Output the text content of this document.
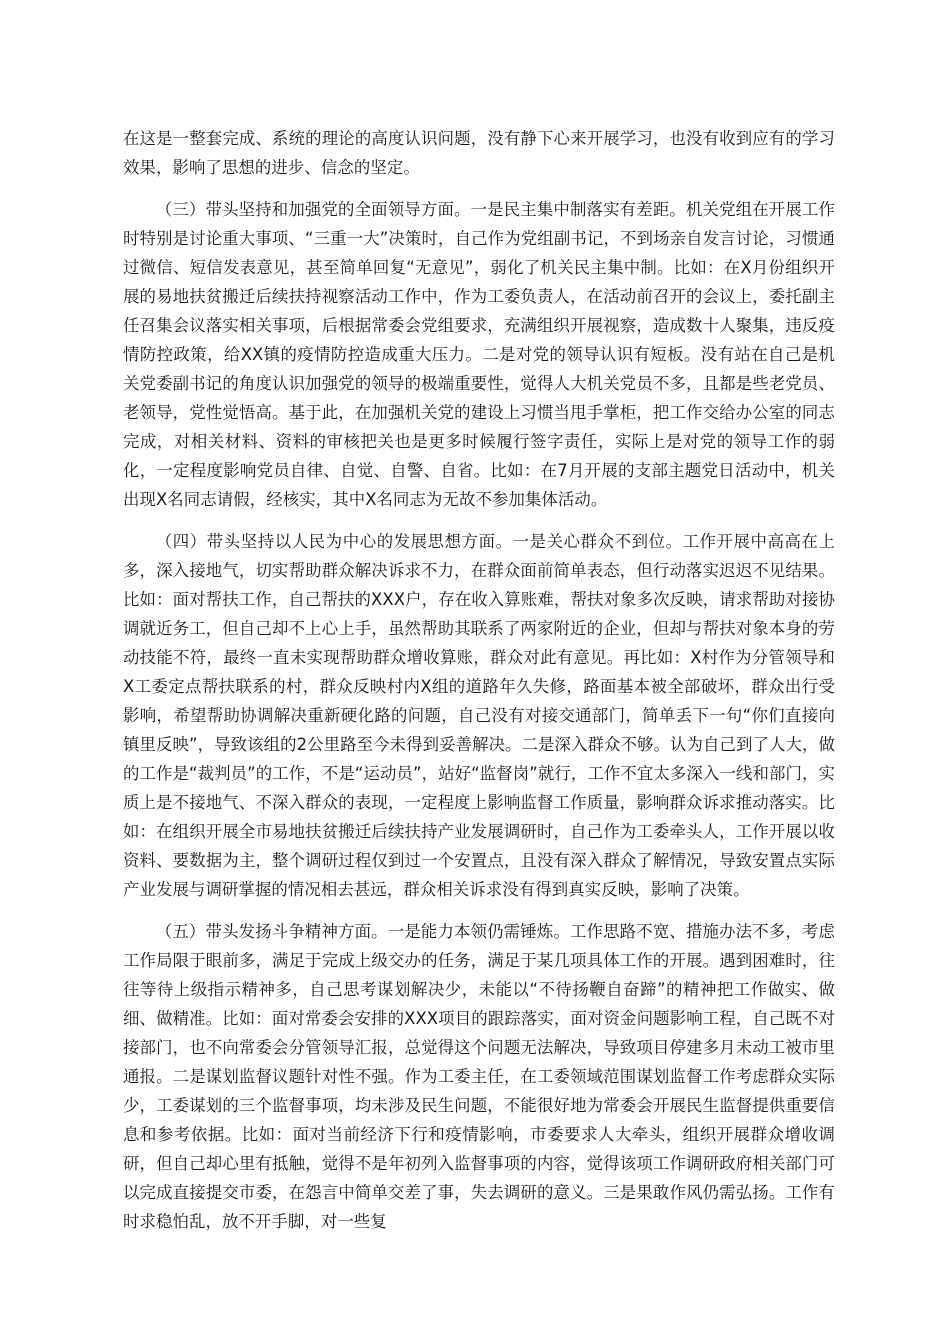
在这是一整套完成、系统的理论的高度认识问题，没有静下心来开展学习，也没有收到应有的学习效果，影响了思想的进步、信念的坚定。

（三）带头坚持和加强党的全面领导方面。一是民主集中制落实有差距。机关党组在开展工作时特别是讨论重大事项、“三重一大”决策时，自己作为党组副书记，不到场亲自发言讨论，习惯通过微信、短信发表意见，甚至简单回复“无意见”，弱化了机关民主集中制。比如：在X月份组织开展的易地扶贫搬迁后续扶持视察活动工作中，作为工委负责人，在活动前召开的会议上，委托副主任召集会议落实相关事项，后根据常委会党组要求，充满组织开展视察，造成数十人聚集，违反疫情防控政策，给XX镇的疫情防控造成重大压力。二是对党的领导认识有短板。没有站在自己是机关党委副书记的角度认识加强党的领导的极端重要性，觉得人大机关党员不多，且都是些老党员、老领导，党性觉悟高。基于此，在加强机关党的建设上习惯当甩手掌柜，把工作交给办公室的同志完成，对相关材料、资料的审核把关也是更多时候履行签字责任，实际上是对党的领导工作的弱化，一定程度影响党员自律、自觉、自警、自省。比如：在7月开展的支部主题党日活动中，机关出现X名同志请假，经核实，其中X名同志为无故不参加集体活动。

（四）带头坚持以人民为中心的发展思想方面。一是关心群众不到位。工作开展中高高在上多，深入接地气，切实帮助群众解决诉求不力，在群众面前简单表态，但行动落实迟迟不见结果。比如：面对帮扶工作，自己帮扶的XXX户，存在收入算账难，帮扶对象多次反映，请求帮助对接协调就近务工，但自己却不上心上手，虽然帮助其联系了两家附近的企业，但却与帮扶对象本身的劳动技能不符，最终一直未实现帮助群众增收算账，群众对此有意见。再比如：X村作为分管领导和X工委定点帮扶联系的村，群众反映村内X组的道路年久失修，路面基本被全部破坏，群众出行受影响，希望帮助协调解决重新硬化路的问题，自己没有对接交通部门，简单丢下一句“你们直接向镇里反映”，导致该组的2公里路至今未得到妥善解决。二是深入群众不够。认为自己到了人大，做的工作是“裁判员”的工作，不是“运动员”，站好“监督岗”就行，工作不宜太多深入一线和部门，实质上是不接地气、不深入群众的表现，一定程度上影响监督工作质量，影响群众诉求推动落实。比如：在组织开展全市易地扶贫搬迁后续扶持产业发展调研时，自己作为工委牵头人，工作开展以收资料、要数据为主，整个调研过程仅到过一个安置点，且没有深入群众了解情况，导致安置点实际产业发展与调研掌握的情况相去甚远，群众相关诉求没有得到真实反映，影响了决策。

（五）带头发扬斗争精神方面。一是能力本领仍需锤炼。工作思路不宽、措施办法不多，考虑工作局限于眼前多，满足于完成上级交办的任务，满足于某几项具体工作的开展。遇到困难时，往往等待上级指示精神多，自己思考谋划解决少，未能以“不待扬鞭自奋蹄”的精神把工作做实、做细、做精准。比如：面对常委会安排的XXX项目的跟踪落实，面对资金问题影响工程，自己既不对接部门，也不向常委会分管领导汇报，总觉得这个问题无法解决，导致项目停建多月未动工被市里通报。二是谋划监督议题针对性不强。作为工委主任，在工委领域范围谋划监督工作考虑群众实际少，工委谋划的三个监督事项，均未涉及民生问题，不能很好地为常委会开展民生监督提供重要信息和参考依据。比如：面对当前经济下行和疫情影响，市委要求人大牵头，组织开展群众增收调研，但自己却心里有抵触，觉得不是年初列入监督事项的内容，觉得该项工作调研政府相关部门可以完成直接提交市委，在怨言中简单交差了事，失去调研的意义。三是果敢作风仍需弘扬。工作有时求稳怕乱，放不开手脚，对一些复
